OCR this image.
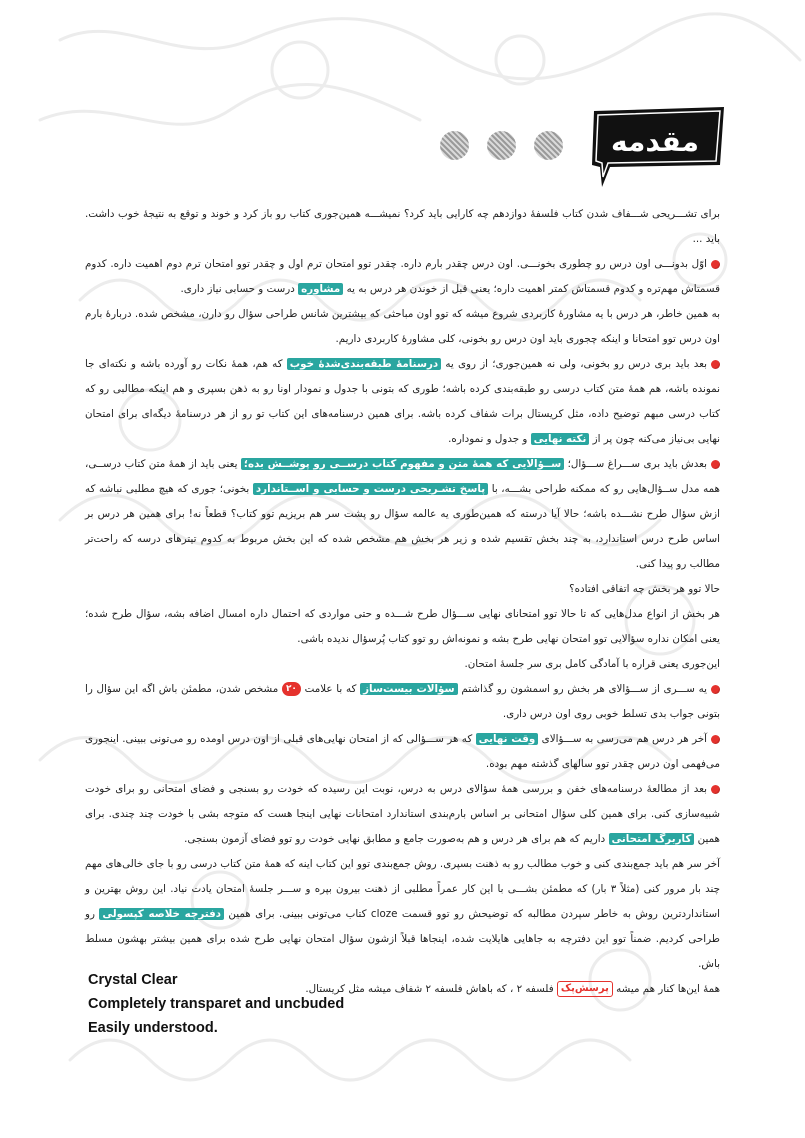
مقدمه

برای تشـــریحی شـــفاف شدن کتاب فلسفهٔ دوازدهم چه کارایی باید کرد؟ نمیشـــه همین‌جوری کتاب رو باز کرد و خوند و توقع به نتیجهٔ خوب داشت. باید ...

اوّل بدونـــی اون درس رو چطوری بخونـــی. اون درس چقدر بارم داره. چقدر توو امتحان ترم اول و چقدر توو امتحان ترم دوم اهمیت داره. کدوم قسمتاش مهم‌تره و کدوم قسمتاش کمتر اهمیت داره؛ یعنی قبل از خوندن هر درس به یه مشاوره درست و حسابی نیاز داری.

به همین خاطر، هر درس با یه مشاورهٔ کاربردی شروع میشه که توو اون مباحثی که بیشترین شانس طراحی سؤال رو دارن، مشخص شده. دربارهٔ بارم اون درس توو امتحانا و اینکه چجوری باید اون درس رو بخونی، کلی مشاورهٔ کاربردی داریم.

بعد باید بری درس رو بخونی، ولی نه همین‌جوری؛ از روی یه درسنامهٔ طبقه‌بندی‌شدهٔ خوب که هم، همهٔ نکات رو آورده باشه و نکته‌ای جا نمونده باشه، هم همهٔ متن کتاب درسی رو طبقه‌بندی کرده باشه؛ طوری که بتونی با جدول و نمودار اونا رو به ذهن بسپری و هم اینکه مطالبی رو که کتاب درسی مبهم توضیح داده، مثل کریستال برات شفاف کرده باشه. برای همین درسنامه‌های این کتاب تو رو از هر درسنامهٔ دیگه‌ای برای امتحان نهایی بی‌نیاز می‌کنه چون پر از نکته نهایی و جدول و نموداره.

بعدش باید بری ســـراغ ســـؤال؛ ســؤالایی که همهٔ متن و مفهوم کتاب درســی رو پوشــش بده؛ یعنی باید از همهٔ متن کتاب درســی، همه مدل ســؤال‌هایی رو که ممکنه طراحی بشـــه، با پاسخ تشـریحی درست و حسابی و اســتاندارد بخونی؛ جوری که هیچ مطلبی نباشه که ازش سؤال طرح نشـــده باشه؛ حالا آیا درسته که همین‌طوری یه عالمه سؤال رو پشت سر هم بریزیم توو کتاب؟ قطعاً نه! برای همین هر درس بر اساس طرح درس استاندارد، به چند بخش تقسیم شده و زیر هر بخش هم مشخص شده که این بخش مربوط به کدوم تیترهای درسه که راحت‌تر مطالب رو پیدا کنی.

حالا توو هر بخش چه اتفاقی افتاده؟

هر بخش از انواع مدل‌هایی که تا حالا توو امتحانای نهایی ســـؤال طرح شـــده و حتی مواردی که احتمال داره امسال اضافه بشه، سؤال طرح شده؛ یعنی امکان نداره سؤالایی توو امتحان نهایی طرح بشه و نمونه‌اش رو توو کتاب پُرسؤال ندیده باشی.

این‌جوری یعنی قراره با آمادگی کامل بری سر جلسهٔ امتحان.

یه ســـری از ســـؤالای هر بخش رو اسمشون رو گذاشتم سؤالات بیست‌ساز که با علامت ۲۰ مشخص شدن، مطمئن باش اگه این سؤال را بتونی جواب بدی تسلط خوبی روی اون درس داری.

آخر هر درس هم می‌رسی به ســـؤالای وقت نهایی که هر ســـؤالی که از امتحان نهایی‌های قبلی از اون درس اومده رو می‌تونی ببینی. اینجوری می‌فهمی اون درس چقدر توو سالهای گذشته مهم بوده.

بعد از مطالعهٔ درسنامه‌های خفن و بررسی همهٔ سؤالای درس به درس، نوبت این رسیده که خودت رو بسنجی و فضای امتحانی رو برای خودت شبیه‌سازی کنی. برای همین کلی سؤال امتحانی بر اساس بارم‌بندی استاندارد امتحانات نهایی اینجا هست که متوجه بشی با خودت چند چندی. برای همین کاربرگ امتحانی داریم که هم برای هر درس و هم به‌صورت جامع و مطابق نهایی خودت رو توو فضای آزمون بسنجی.

آخر سر هم باید جمع‌بندی کنی و خوب مطالب رو به ذهنت بسپری. روش جمع‌بندی توو این کتاب اینه که همهٔ متن کتاب درسی رو با جای خالی‌های مهم چند بار مرور کنی (مثلاً ۳ بار) که مطمئن بشـــی با این کار عمراً مطلبی از ذهنت بیرون بپره و ســـر جلسهٔ امتحان یادت نیاد. این روش بهترین و استانداردترین روش به خاطر سپردن مطالبه که توضیحش رو توو قسمت cloze کتاب می‌تونی ببینی. برای همین دفترچه خلاصه کپسولی رو طراحی کردیم. ضمناً توو این دفترچه به جاهایی هایلایت شده، اینجاها قبلاً ازشون سؤال امتحان نهایی طرح شده برای همین بیشتر بهشون مسلط باش.

همهٔ این‌ها کنار هم میشه پرسش‌پک فلسفه ۲ ، که باهاش فلسفه ۲ شفاف میشه مثل کریستال.

Crystal Clear
Completely transparet and uncbuded
Easily understood.
